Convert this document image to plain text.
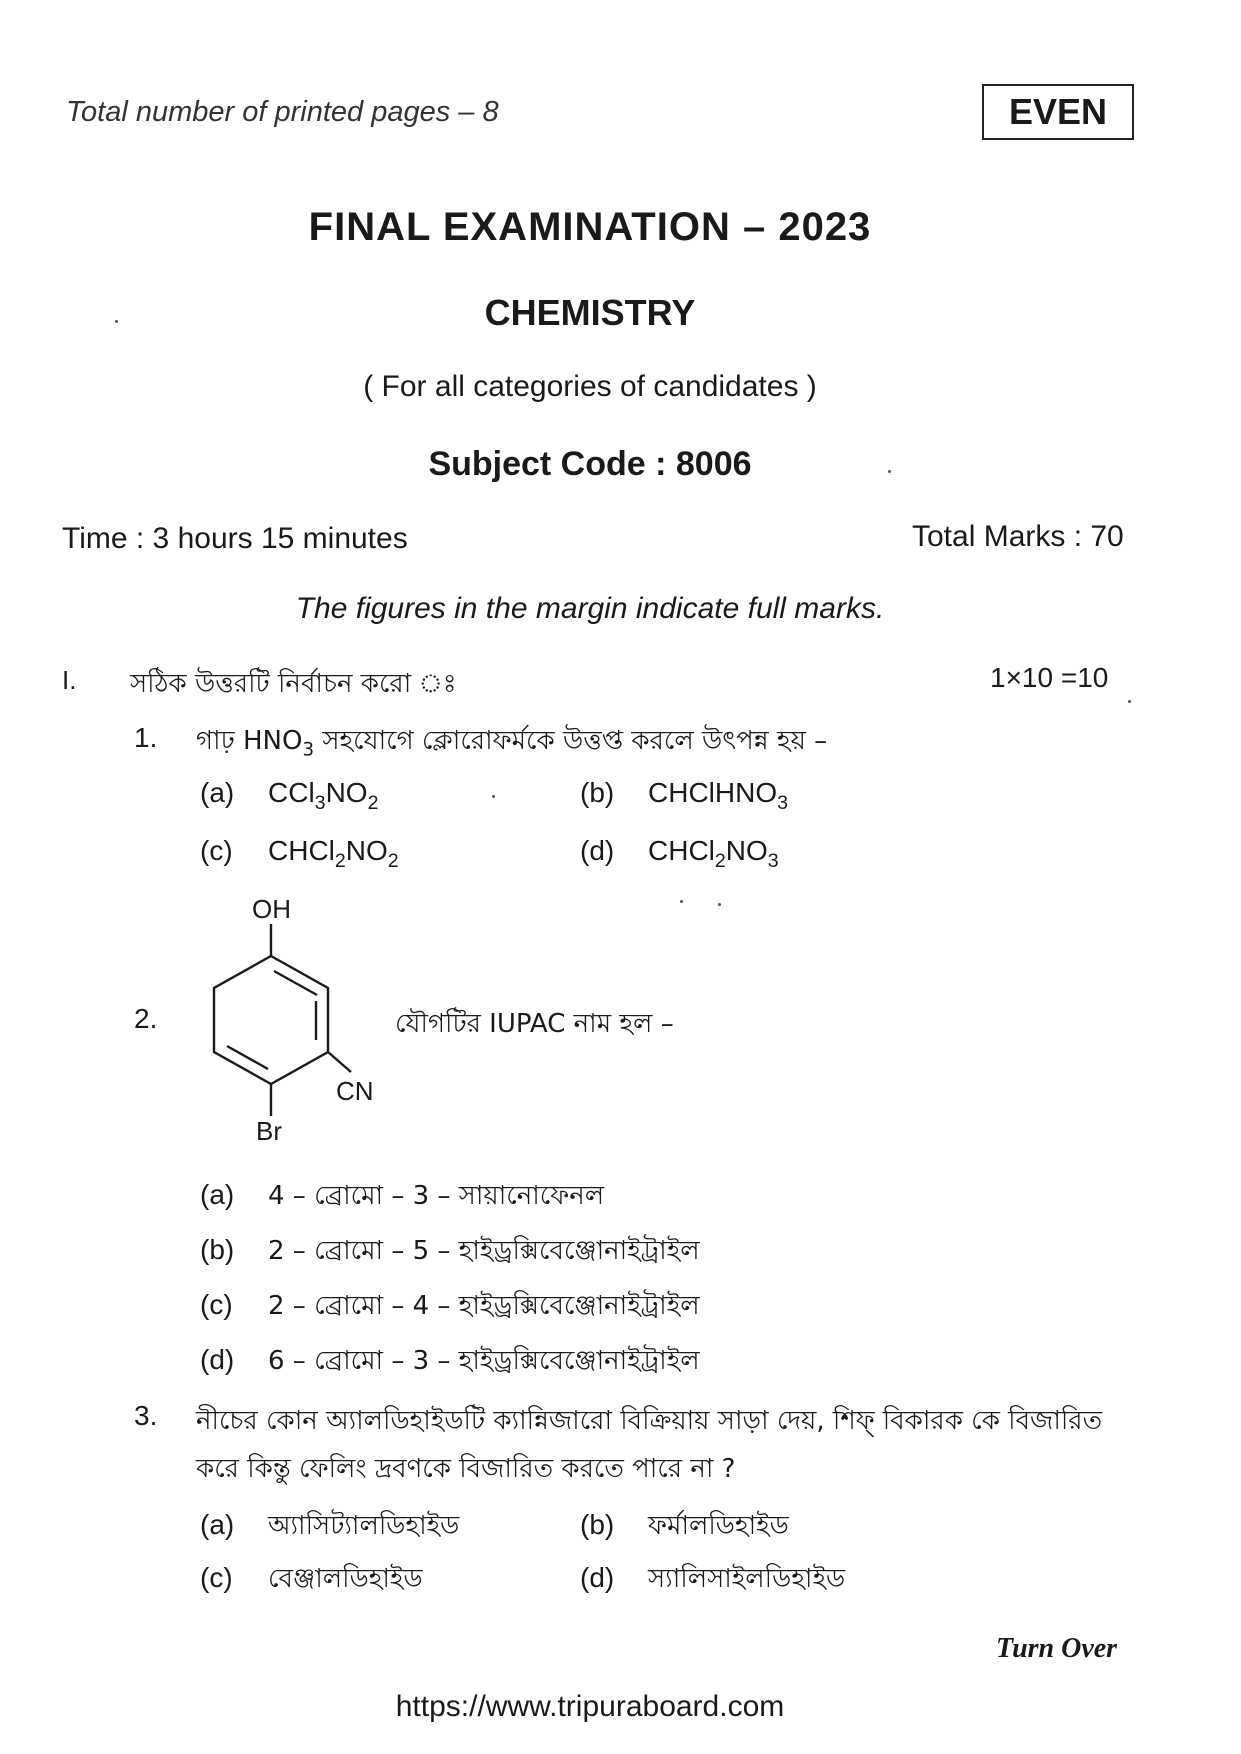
Total number of printed pages – 8	EVEN
FINAL EXAMINATION – 2023
CHEMISTRY
( For all categories of candidates )
Subject Code : 8006
Time : 3 hours 15 minutes	Total Marks : 70
The figures in the margin indicate full marks.
I. সঠিক উত্তরটি নির্বাচন করো ঃ	1×10 =10
1. গাঢ় $HNO_3$ সহযোগে ক্লোরোফর্মকে উত্তপ্ত করলে উৎপন্ন হয় –
(a) $CCl_3NO_2$	(b) CHClHNO$_3$
(c) $CHCl_2NO_2$	(d) $CHCl_2NO_3$
2.
OH
CN
Br
যৌগটির IUPAC নাম হল –
(a) 4 – ব্রোমো – 3 – সায়ানোফেনল
(b) 2 – ব্রোমো – 5 – হাইড্রক্সিবেঞ্জোনাইট্রাইল
(c) 2 – ব্রোমো – 4 – হাইড্রক্সিবেঞ্জোনাইট্রাইল
(d) 6 – ব্রোমো – 3 – হাইড্রক্সিবেঞ্জোনাইট্রাইল
3. নীচের কোন অ্যালডিহাইডটি ক্যান্নিজারো বিক্রিয়ায় সাড়া দেয়, শিফ্ বিকারক কে বিজারিত
করে কিন্তু ফেলিং দ্রবণকে বিজারিত করতে পারে না ?
(a) অ্যাসিট্যালডিহাইড	(b) ফর্মালডিহাইড
(c) বেঞ্জালডিহাইড	(d) স্যালিসাইলডিহাইড
Turn Over
https://www.tripuraboard.com
